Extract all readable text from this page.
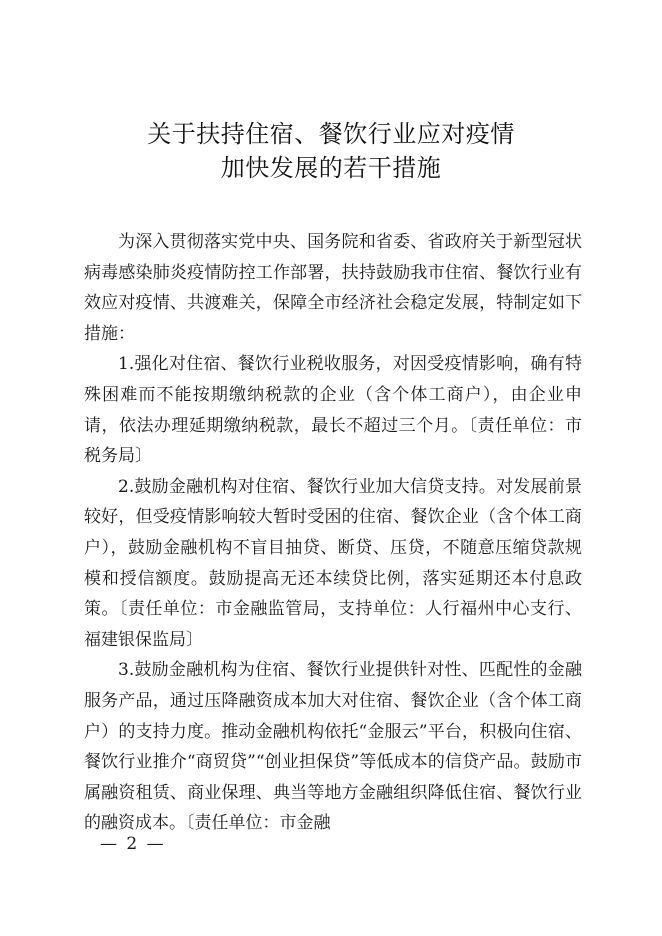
关于扶持住宿、餐饮行业应对疫情
加快发展的若干措施

为深入贯彻落实党中央、国务院和省委、省政府关于新型冠状病毒感染肺炎疫情防控工作部署，扶持鼓励我市住宿、餐饮行业有效应对疫情、共渡难关，保障全市经济社会稳定发展，特制定如下措施：

1.强化对住宿、餐饮行业税收服务，对因受疫情影响，确有特殊困难而不能按期缴纳税款的企业（含个体工商户），由企业申请，依法办理延期缴纳税款，最长不超过三个月。〔责任单位：市税务局〕

2.鼓励金融机构对住宿、餐饮行业加大信贷支持。对发展前景较好，但受疫情影响较大暂时受困的住宿、餐饮企业（含个体工商户），鼓励金融机构不盲目抽贷、断贷、压贷，不随意压缩贷款规模和授信额度。鼓励提高无还本续贷比例，落实延期还本付息政策。〔责任单位：市金融监管局，支持单位：人行福州中心支行、福建银保监局〕

3.鼓励金融机构为住宿、餐饮行业提供针对性、匹配性的金融服务产品，通过压降融资成本加大对住宿、餐饮企业（含个体工商户）的支持力度。推动金融机构依托“金服云”平台，积极向住宿、餐饮行业推介“商贸贷”“创业担保贷”等低成本的信贷产品。鼓励市属融资租赁、商业保理、典当等地方金融组织降低住宿、餐饮行业的融资成本。〔责任单位：市金融

— 2 —
